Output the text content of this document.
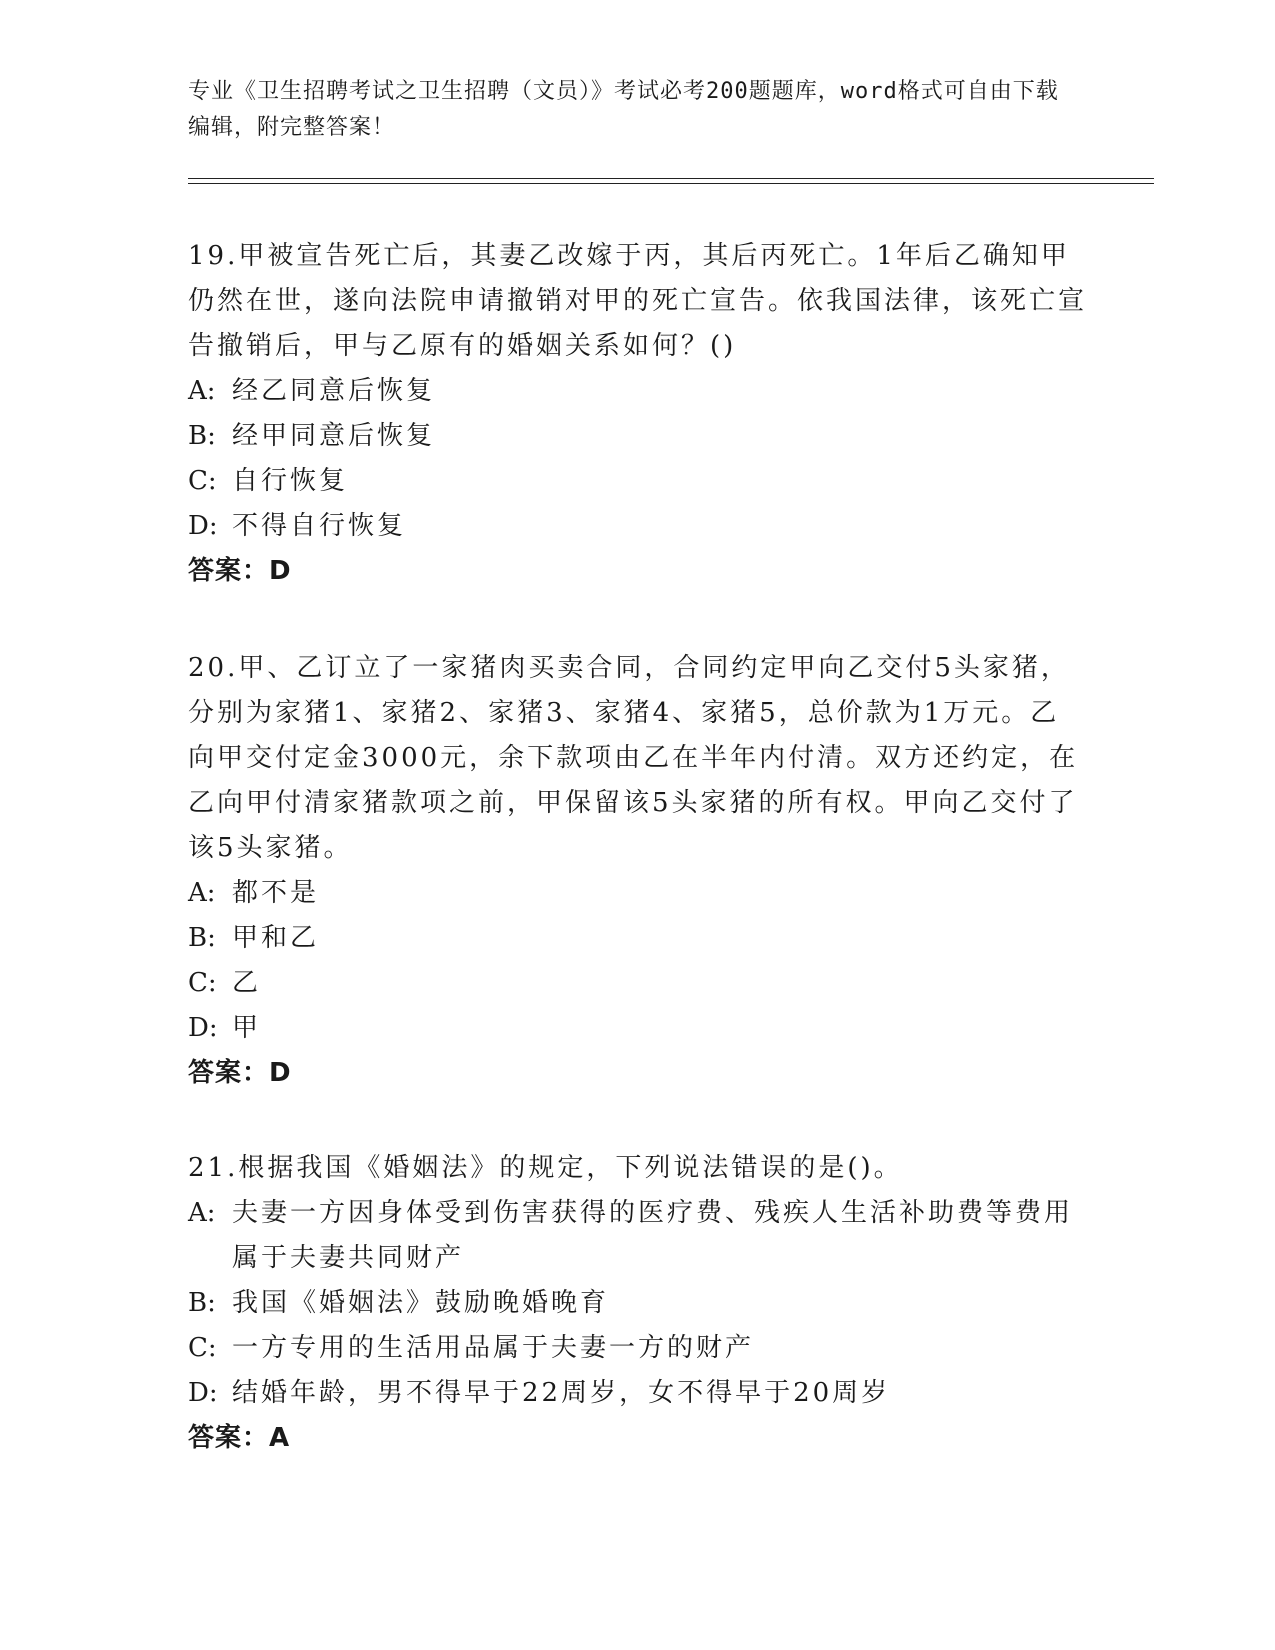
专业《卫生招聘考试之卫生招聘（文员）》考试必考200题题库，word格式可自由下载编辑，附完整答案！

19.甲被宣告死亡后，其妻乙改嫁于丙，其后丙死亡。1年后乙确知甲仍然在世，遂向法院申请撤销对甲的死亡宣告。依我国法律，该死亡宣告撤销后，甲与乙原有的婚姻关系如何？()

A: 经乙同意后恢复
B: 经甲同意后恢复
C: 自行恢复
D: 不得自行恢复

答案：D

20.甲、乙订立了一家猪肉买卖合同，合同约定甲向乙交付5头家猪，分别为家猪1、家猪2、家猪3、家猪4、家猪5，总价款为1万元。乙向甲交付定金3000元，余下款项由乙在半年内付清。双方还约定，在乙向甲付清家猪款项之前，甲保留该5头家猪的所有权。甲向乙交付了该5头家猪。

A: 都不是
B: 甲和乙
C: 乙
D: 甲

答案：D

21.根据我国《婚姻法》的规定，下列说法错误的是()。

A: 夫妻一方因身体受到伤害获得的医疗费、残疾人生活补助费等费用属于夫妻共同财产
B: 我国《婚姻法》鼓励晚婚晚育
C: 一方专用的生活用品属于夫妻一方的财产
D: 结婚年龄，男不得早于22周岁，女不得早于20周岁

答案：A
